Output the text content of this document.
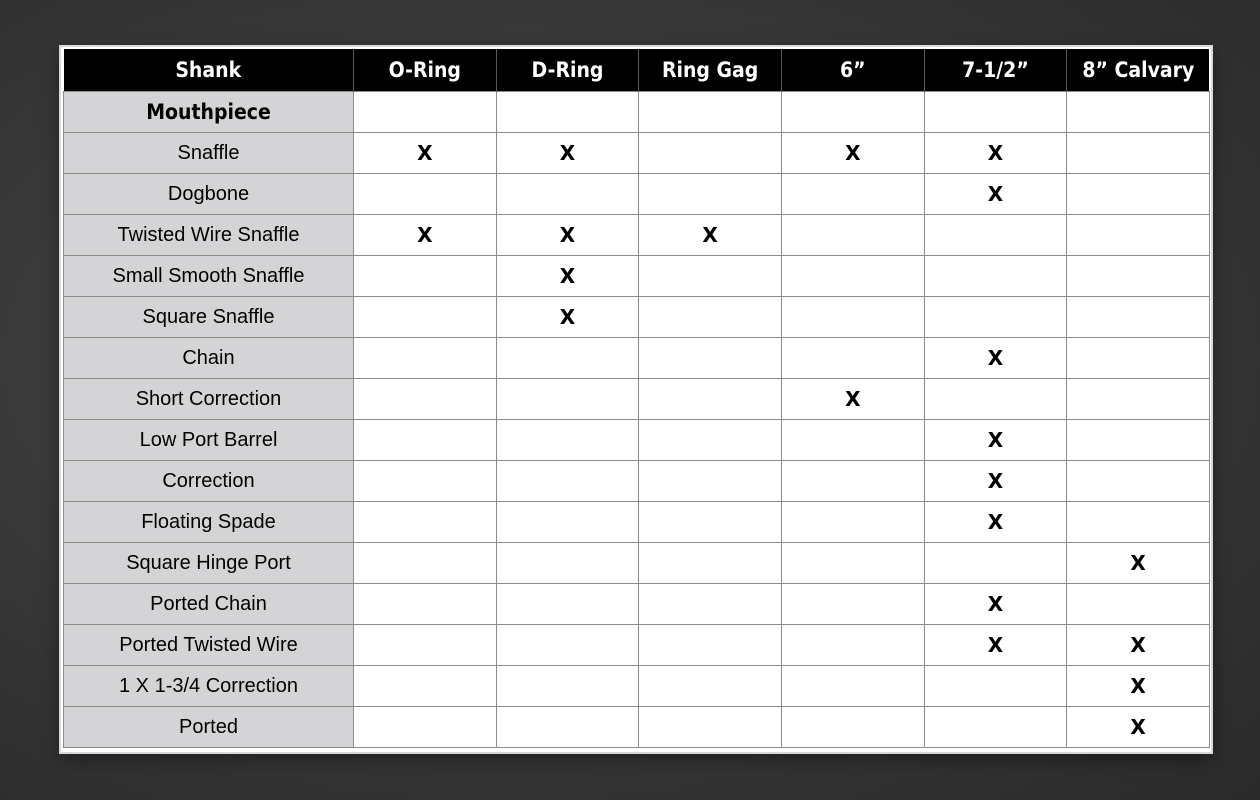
Shank	O-Ring	D-Ring	Ring Gag	6”	7-1/2”	8” Calvary
Mouthpiece						
Snaffle	X	X		X	X	
Dogbone					X	
Twisted Wire Snaffle	X	X	X			
Small Smooth Snaffle		X				
Square Snaffle		X				
Chain					X	
Short Correction				X		
Low Port Barrel					X	
Correction					X	
Floating Spade					X	
Square Hinge Port						X
Ported Chain					X	
Ported Twisted Wire					X	X
1 X 1-3/4 Correction						X
Ported						X
